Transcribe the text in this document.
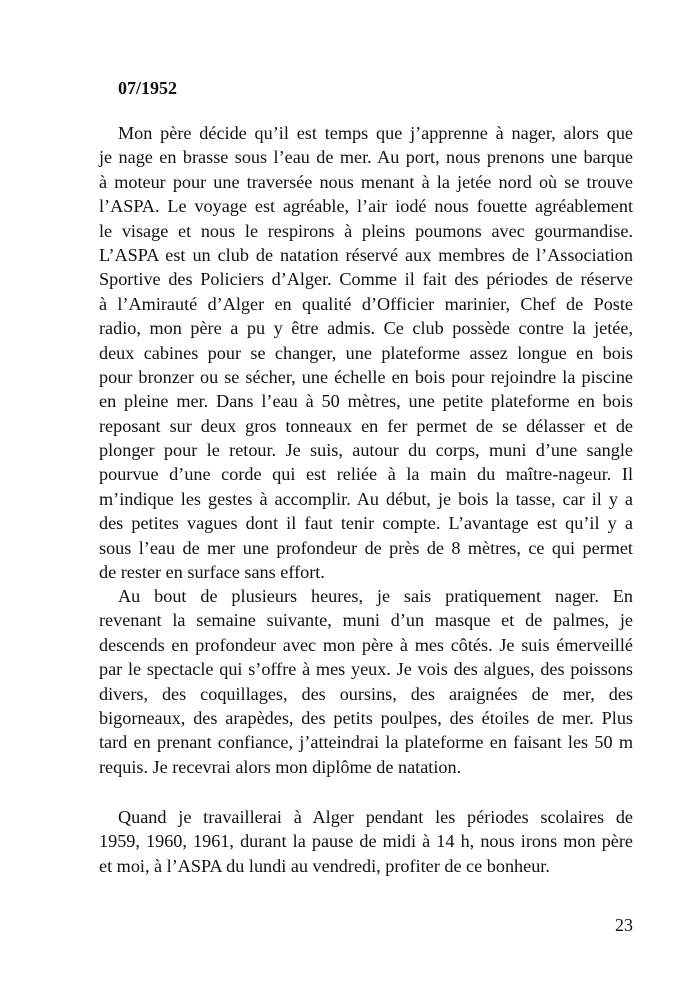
07/1952
Mon père décide qu’il est temps que j’apprenne à nager, alors que
je nage en brasse sous l’eau de mer. Au port, nous prenons une barque
à moteur pour une traversée nous menant à la jetée nord où se trouve
l’ASPA. Le voyage est agréable, l’air iodé nous fouette agréablement
le visage et nous le respirons à pleins poumons avec gourmandise.
L’ASPA est un club de natation réservé aux membres de l’Association
Sportive des Policiers d’Alger. Comme il fait des périodes de réserve
à l’Amirauté d’Alger en qualité d’Officier marinier, Chef de Poste
radio, mon père a pu y être admis. Ce club possède contre la jetée,
deux cabines pour se changer, une plateforme assez longue en bois
pour bronzer ou se sécher, une échelle en bois pour rejoindre la piscine
en pleine mer. Dans l’eau à 50 mètres, une petite plateforme en bois
reposant sur deux gros tonneaux en fer permet de se délasser et de
plonger pour le retour. Je suis, autour du corps, muni d’une sangle
pourvue d’une corde qui est reliée à la main du maître-nageur. Il
m’indique les gestes à accomplir. Au début, je bois la tasse, car il y a
des petites vagues dont il faut tenir compte. L’avantage est qu’il y a
sous l’eau de mer une profondeur de près de 8 mètres, ce qui permet
de rester en surface sans effort.
Au bout de plusieurs heures, je sais pratiquement nager. En
revenant la semaine suivante, muni d’un masque et de palmes, je
descends en profondeur avec mon père à mes côtés. Je suis émerveillé
par le spectacle qui s’offre à mes yeux. Je vois des algues, des poissons
divers, des coquillages, des oursins, des araignées de mer, des
bigorneaux, des arapèdes, des petits poulpes, des étoiles de mer. Plus
tard en prenant confiance, j’atteindrai la plateforme en faisant les 50 m
requis. Je recevrai alors mon diplôme de natation.
Quand je travaillerai à Alger pendant les périodes scolaires de
1959, 1960, 1961, durant la pause de midi à 14 h, nous irons mon père
et moi, à l’ASPA du lundi au vendredi, profiter de ce bonheur.
23
